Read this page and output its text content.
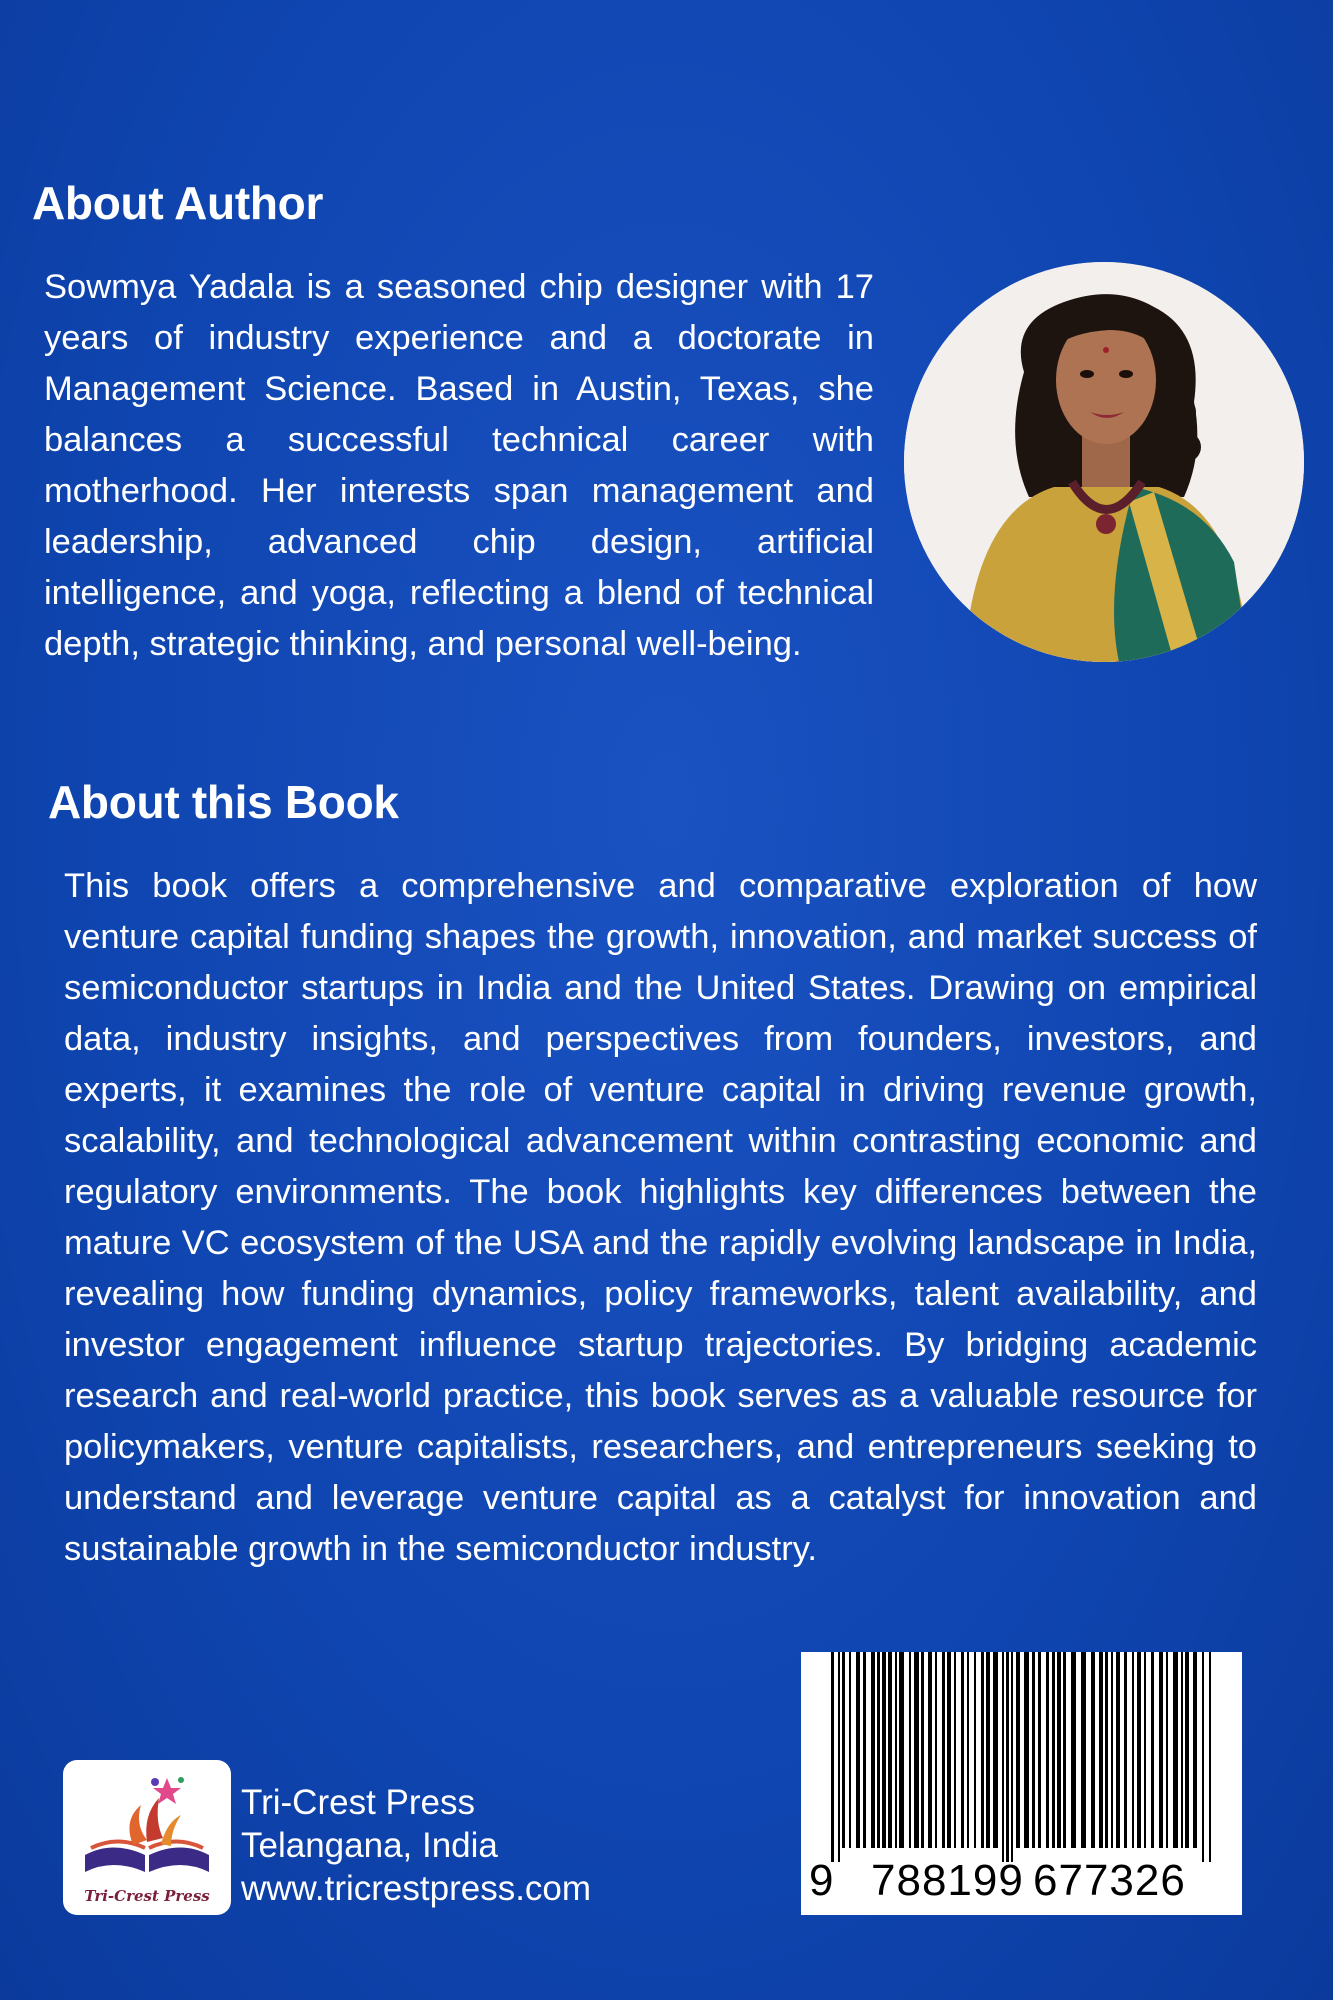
About Author

Sowmya Yadala is a seasoned chip designer with 17 years of industry experience and a doctorate in Management Science. Based in Austin, Texas, she balances a successful technical career with motherhood. Her interests span management and leadership, advanced chip design, artificial intelligence, and yoga, reflecting a blend of technical depth, strategic thinking, and personal well-being.

About this Book

This book offers a comprehensive and comparative exploration of how venture capital funding shapes the growth, innovation, and market success of semiconductor startups in India and the United States. Drawing on empirical data, industry insights, and perspectives from founders, investors, and experts, it examines the role of venture capital in driving revenue growth, scalability, and technological advancement within contrasting economic and regulatory environments. The book highlights key differences between the mature VC ecosystem of the USA and the rapidly evolving landscape in India, revealing how funding dynamics, policy frameworks, talent availability, and investor engagement influence startup trajectories. By bridging academic research and real-world practice, this book serves as a valuable resource for policymakers, venture capitalists, researchers, and entrepreneurs seeking to understand and leverage venture capital as a catalyst for innovation and sustainable growth in the semiconductor industry.

9 788199 677326
Tri-Crest Press
Tri-Crest Press
Telangana, India
www.tricrestpress.com
